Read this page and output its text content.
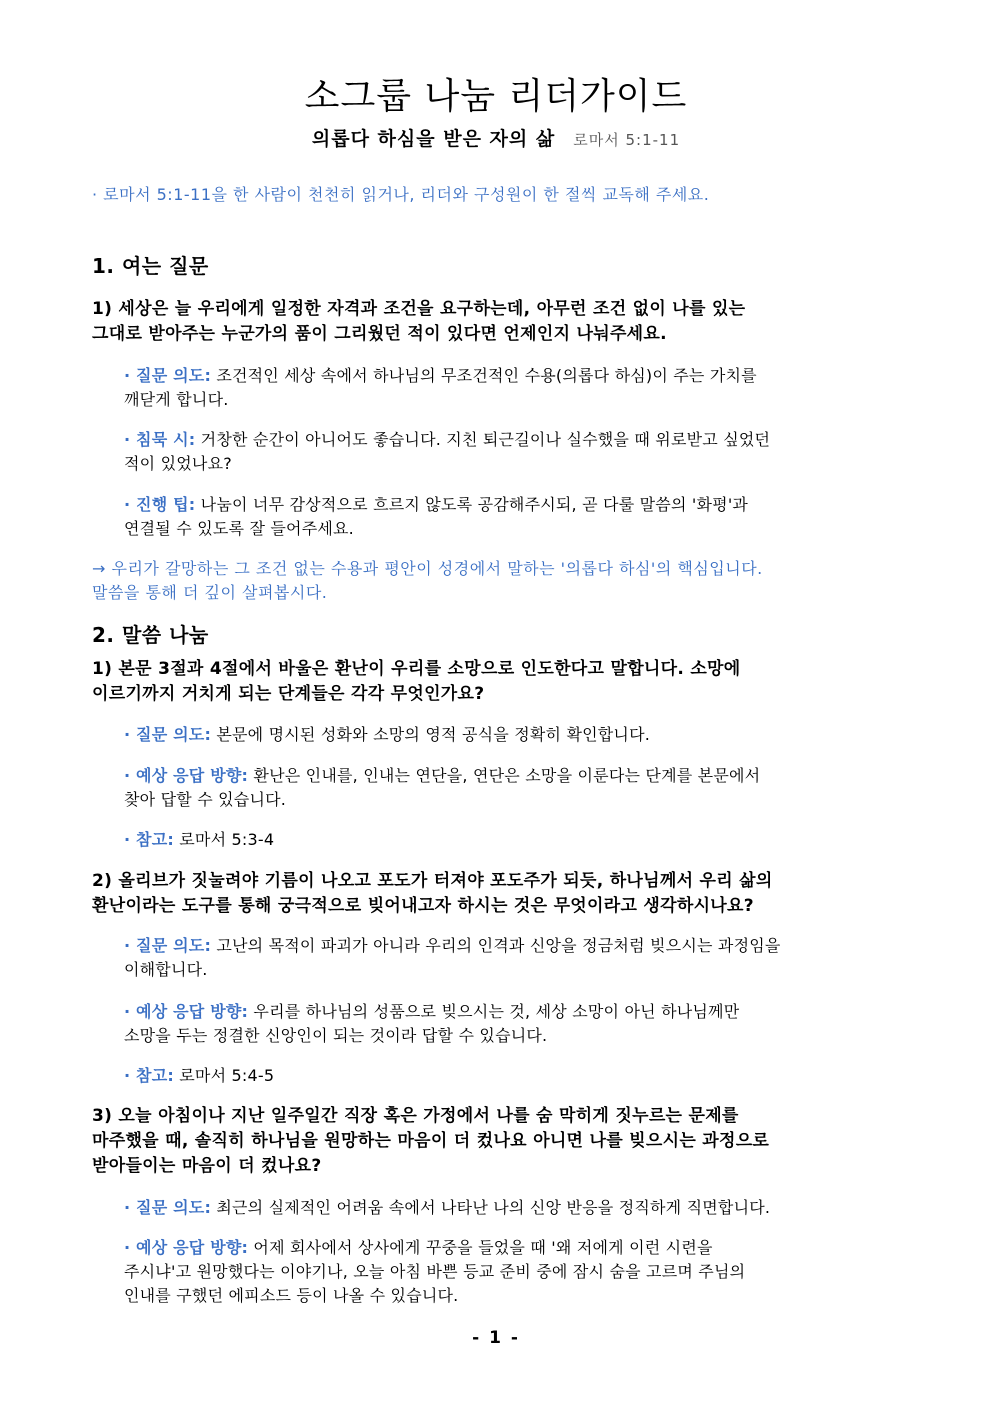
소그룹 나눔 리더가이드
의롭다 하심을 받은 자의 삶 로마서 5:1-11
· 로마서 5:1-11을 한 사람이 천천히 읽거나, 리더와 구성원이 한 절씩 교독해 주세요.
1. 여는 질문
1) 세상은 늘 우리에게 일정한 자격과 조건을 요구하는데, 아무런 조건 없이 나를 있는
그대로 받아주는 누군가의 품이 그리웠던 적이 있다면 언제인지 나눠주세요.
· 질문 의도: 조건적인 세상 속에서 하나님의 무조건적인 수용(의롭다 하심)이 주는 가치를
깨닫게 합니다.
· 침묵 시: 거창한 순간이 아니어도 좋습니다. 지친 퇴근길이나 실수했을 때 위로받고 싶었던
적이 있었나요?
· 진행 팁: 나눔이 너무 감상적으로 흐르지 않도록 공감해주시되, 곧 다룰 말씀의 '화평'과
연결될 수 있도록 잘 들어주세요.
→ 우리가 갈망하는 그 조건 없는 수용과 평안이 성경에서 말하는 '의롭다 하심'의 핵심입니다.
말씀을 통해 더 깊이 살펴봅시다.
2. 말씀 나눔
1) 본문 3절과 4절에서 바울은 환난이 우리를 소망으로 인도한다고 말합니다. 소망에
이르기까지 거치게 되는 단계들은 각각 무엇인가요?
· 질문 의도: 본문에 명시된 성화와 소망의 영적 공식을 정확히 확인합니다.
· 예상 응답 방향: 환난은 인내를, 인내는 연단을, 연단은 소망을 이룬다는 단계를 본문에서
찾아 답할 수 있습니다.
· 참고: 로마서 5:3-4
2) 올리브가 짓눌려야 기름이 나오고 포도가 터져야 포도주가 되듯, 하나님께서 우리 삶의
환난이라는 도구를 통해 궁극적으로 빚어내고자 하시는 것은 무엇이라고 생각하시나요?
· 질문 의도: 고난의 목적이 파괴가 아니라 우리의 인격과 신앙을 정금처럼 빚으시는 과정임을
이해합니다.
· 예상 응답 방향: 우리를 하나님의 성품으로 빚으시는 것, 세상 소망이 아닌 하나님께만
소망을 두는 정결한 신앙인이 되는 것이라 답할 수 있습니다.
· 참고: 로마서 5:4-5
3) 오늘 아침이나 지난 일주일간 직장 혹은 가정에서 나를 숨 막히게 짓누르는 문제를
마주했을 때, 솔직히 하나님을 원망하는 마음이 더 컸나요 아니면 나를 빚으시는 과정으로
받아들이는 마음이 더 컸나요?
· 질문 의도: 최근의 실제적인 어려움 속에서 나타난 나의 신앙 반응을 정직하게 직면합니다.
· 예상 응답 방향: 어제 회사에서 상사에게 꾸중을 들었을 때 '왜 저에게 이런 시련을
주시냐'고 원망했다는 이야기나, 오늘 아침 바쁜 등교 준비 중에 잠시 숨을 고르며 주님의
인내를 구했던 에피소드 등이 나올 수 있습니다.
- 1 -
